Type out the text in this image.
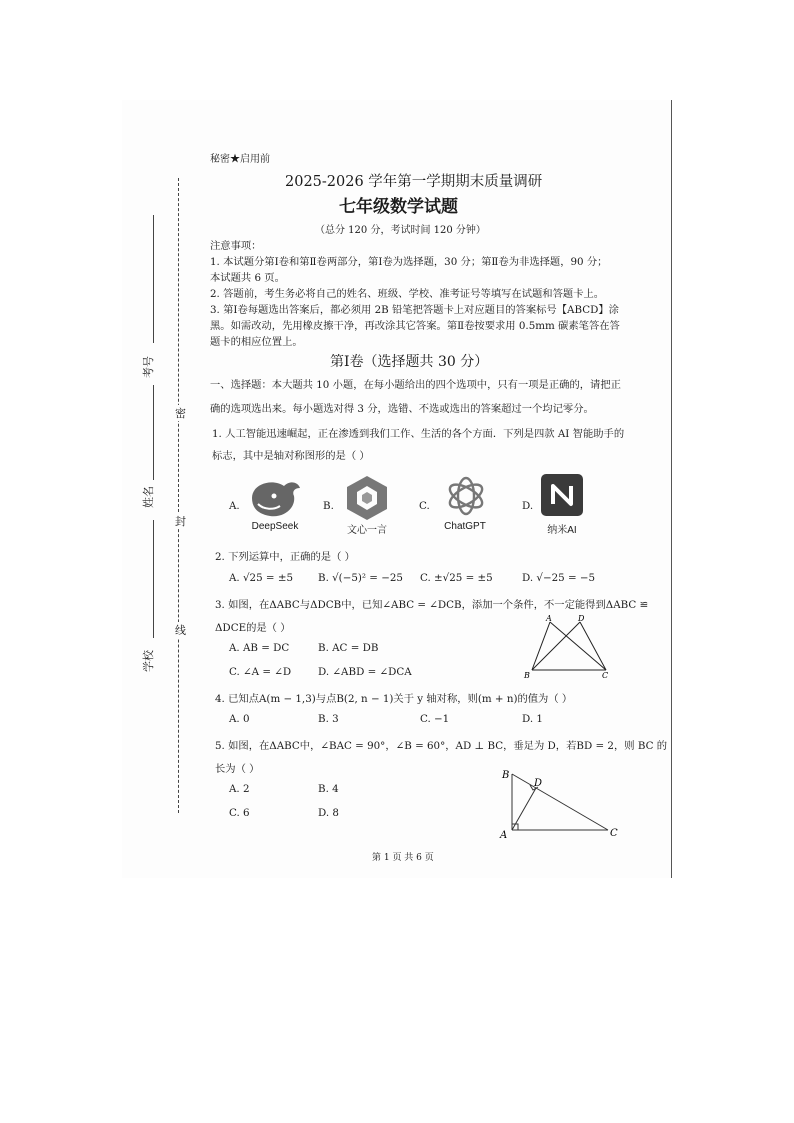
密
封
线
考号
姓名
学校
秘密★启用前
2025-2026 学年第一学期期末质量调研
七年级数学试题
（总分 120 分，考试时间 120 分钟）
注意事项：
1. 本试题分第Ⅰ卷和第Ⅱ卷两部分，第Ⅰ卷为选择题，30 分；第Ⅱ卷为非选择题，90 分；
本试题共 6 页。
2. 答题前，考生务必将自己的姓名、班级、学校、准考证号等填写在试题和答题卡上。
3. 第Ⅰ卷每题选出答案后，都必须用 2B 铅笔把答题卡上对应题目的答案标号【ABCD】涂
黑。如需改动，先用橡皮擦干净，再改涂其它答案。第Ⅱ卷按要求用 0.5mm 碳素笔答在答
题卡的相应位置上。
第Ⅰ卷（选择题共 30 分）
一、选择题：本大题共 10 小题，在每小题给出的四个选项中，只有一项是正确的，请把正
确的选项选出来。每小题选对得 3 分，选错、不选或选出的答案超过一个均记零分。
1. 人工智能迅速崛起，正在渗透到我们工作、生活的各个方面．下列是四款 AI 智能助手的
标志，其中是轴对称图形的是（ ）
A.
DeepSeek
B.
文心一言
C.
ChatGPT
D.
纳米AI
2. 下列运算中，正确的是（ ）
A. √25 = ±5 B. √(−5)² = −25 C. ±√25 = ±5	D. √−25 = −5
3. 如图，在ΔABC与ΔDCB中，已知∠ABC = ∠DCB，添加一个条件，不一定能得到ΔABC ≌
ΔDCE的是（ ）
A. AB = DC	B. AC = DB
C. ∠A = ∠D	D. ∠ABD = ∠DCA
A	D
B	C
4. 已知点A(m − 1,3)与点B(2, n − 1)关于 y 轴对称，则(m + n)的值为（ ）
A. 0	B. 3	C. −1	D. 1
5. 如图，在ΔABC中，∠BAC = 90°，∠B = 60°，AD ⊥ BC，垂足为 D，若BD = 2，则 BC 的
长为（ ）
A. 2	B. 4
C. 6	D. 8
B
D
A	C
第 1 页 共 6 页
